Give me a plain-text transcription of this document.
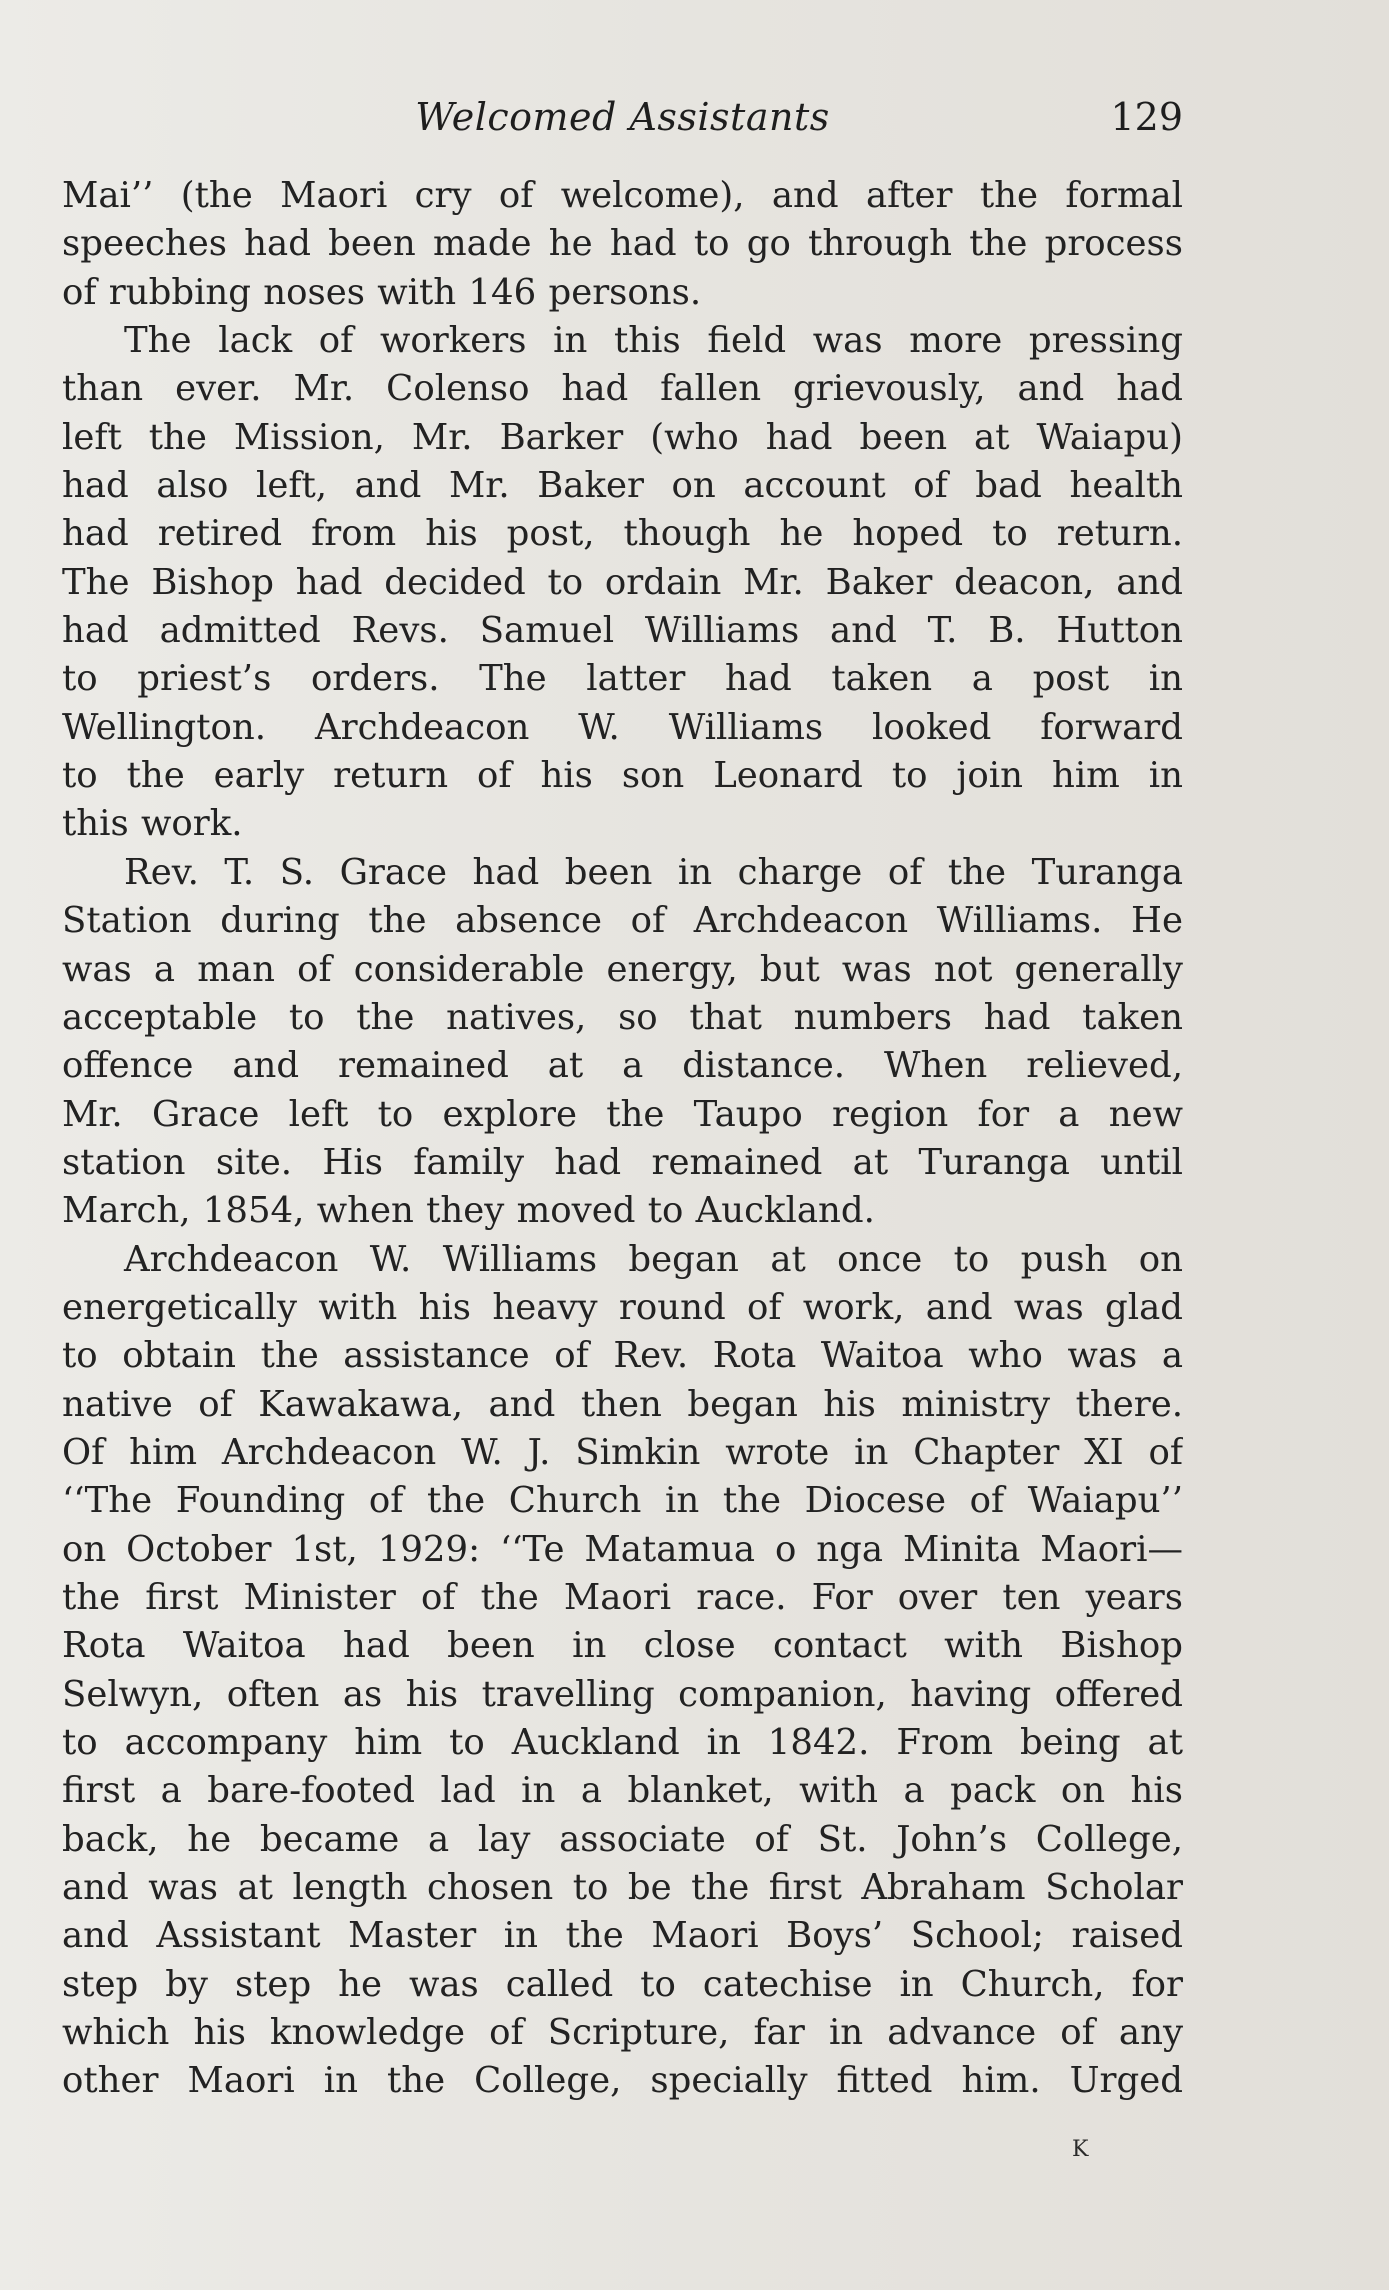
Welcomed Assistants	129
Mai’’ (the Maori cry of welcome), and after the formal
speeches had been made he had to go through the process
of rubbing noses with 146 persons.
The lack of workers in this field was more pressing
than ever. Mr. Colenso had fallen grievously, and had
left the Mission, Mr. Barker (who had been at Waiapu)
had also left, and Mr. Baker on account of bad health
had retired from his post, though he hoped to return.
The Bishop had decided to ordain Mr. Baker deacon, and
had admitted Revs. Samuel Williams and T. B. Hutton
to priest’s orders. The latter had taken a post in
Wellington. Archdeacon W. Williams looked forward
to the early return of his son Leonard to join him in
this work.
Rev. T. S. Grace had been in charge of the Turanga
Station during the absence of Archdeacon Williams. He
was a man of considerable energy, but was not generally
acceptable to the natives, so that numbers had taken
offence and remained at a distance. When relieved,
Mr. Grace left to explore the Taupo region for a new
station site. His family had remained at Turanga until
March, 1854, when they moved to Auckland.
Archdeacon W. Williams began at once to push on
energetically with his heavy round of work, and was glad
to obtain the assistance of Rev. Rota Waitoa who was a
native of Kawakawa, and then began his ministry there.
Of him Archdeacon W. J. Simkin wrote in Chapter XI of
‘‘The Founding of the Church in the Diocese of Waiapu’’
on October 1st, 1929: ‘‘Te Matamua o nga Minita Maori—
the first Minister of the Maori race. For over ten years
Rota Waitoa had been in close contact with Bishop
Selwyn, often as his travelling companion, having offered
to accompany him to Auckland in 1842. From being at
first a bare-footed lad in a blanket, with a pack on his
back, he became a lay associate of St. John’s College,
and was at length chosen to be the first Abraham Scholar
and Assistant Master in the Maori Boys’ School; raised
step by step he was called to catechise in Church, for
which his knowledge of Scripture, far in advance of any
other Maori in the College, specially fitted him. Urged
K
